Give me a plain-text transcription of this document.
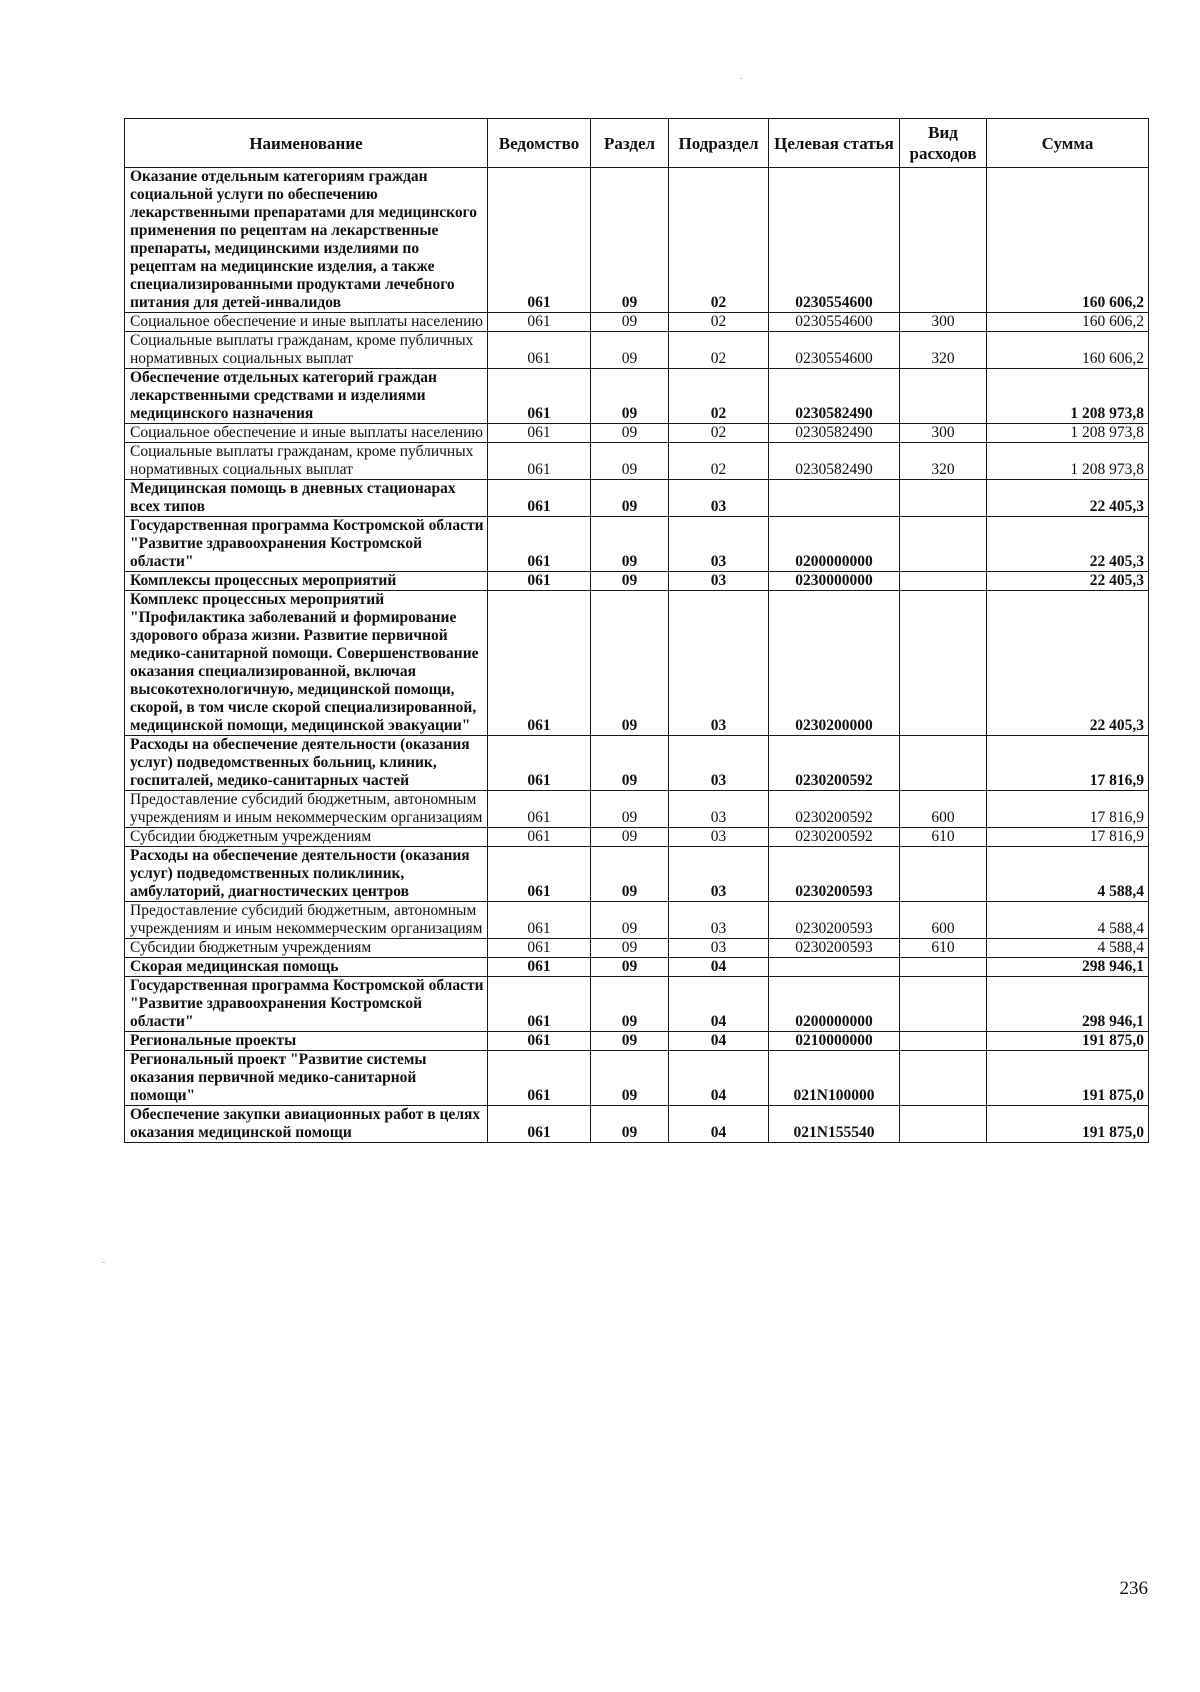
Наименование	Ведомство	Раздел	Подраздел	Целевая статья	Вид расходов	Сумма
Оказание отдельным категориям граждан социальной услуги по обеспечению лекарственными препаратами для медицинского применения по рецептам на лекарственные препараты, медицинскими изделиями по рецептам на медицинские изделия, а также специализированными продуктами лечебного питания для детей-инвалидов	061	09	02	0230554600		160 606,2
Социальное обеспечение и иные выплаты населению	061	09	02	0230554600	300	160 606,2
Социальные выплаты гражданам, кроме публичных нормативных социальных выплат	061	09	02	0230554600	320	160 606,2
Обеспечение отдельных категорий граждан лекарственными средствами и изделиями медицинского назначения	061	09	02	0230582490		1 208 973,8
Социальное обеспечение и иные выплаты населению	061	09	02	0230582490	300	1 208 973,8
Социальные выплаты гражданам, кроме публичных нормативных социальных выплат	061	09	02	0230582490	320	1 208 973,8
Медицинская помощь в дневных стационарах всех типов	061	09	03			22 405,3
Государственная программа Костромской области "Развитие здравоохранения Костромской области"	061	09	03	0200000000		22 405,3
Комплексы процессных мероприятий	061	09	03	0230000000		22 405,3
Комплекс процессных мероприятий "Профилактика заболеваний и формирование здорового образа жизни. Развитие первичной медико-санитарной помощи. Совершенствование оказания специализированной, включая высокотехнологичную, медицинской помощи, скорой, в том числе скорой специализированной, медицинской помощи, медицинской эвакуации"	061	09	03	0230200000		22 405,3
Расходы на обеспечение деятельности (оказания услуг) подведомственных больниц, клиник, госпиталей, медико-санитарных частей	061	09	03	0230200592		17 816,9
Предоставление субсидий бюджетным, автономным учреждениям и иным некоммерческим организациям	061	09	03	0230200592	600	17 816,9
Субсидии бюджетным учреждениям	061	09	03	0230200592	610	17 816,9
Расходы на обеспечение деятельности (оказания услуг) подведомственных поликлиник, амбулаторий, диагностических центров	061	09	03	0230200593		4 588,4
Предоставление субсидий бюджетным, автономным учреждениям и иным некоммерческим организациям	061	09	03	0230200593	600	4 588,4
Субсидии бюджетным учреждениям	061	09	03	0230200593	610	4 588,4
Скорая медицинская помощь	061	09	04			298 946,1
Государственная программа Костромской области "Развитие здравоохранения Костромской области"	061	09	04	0200000000		298 946,1
Региональные проекты	061	09	04	0210000000		191 875,0
Региональный проект "Развитие системы оказания первичной медико-санитарной помощи"	061	09	04	021N100000		191 875,0
Обеспечение закупки авиационных работ в целях оказания медицинской помощи	061	09	04	021N155540		191 875,0
236
